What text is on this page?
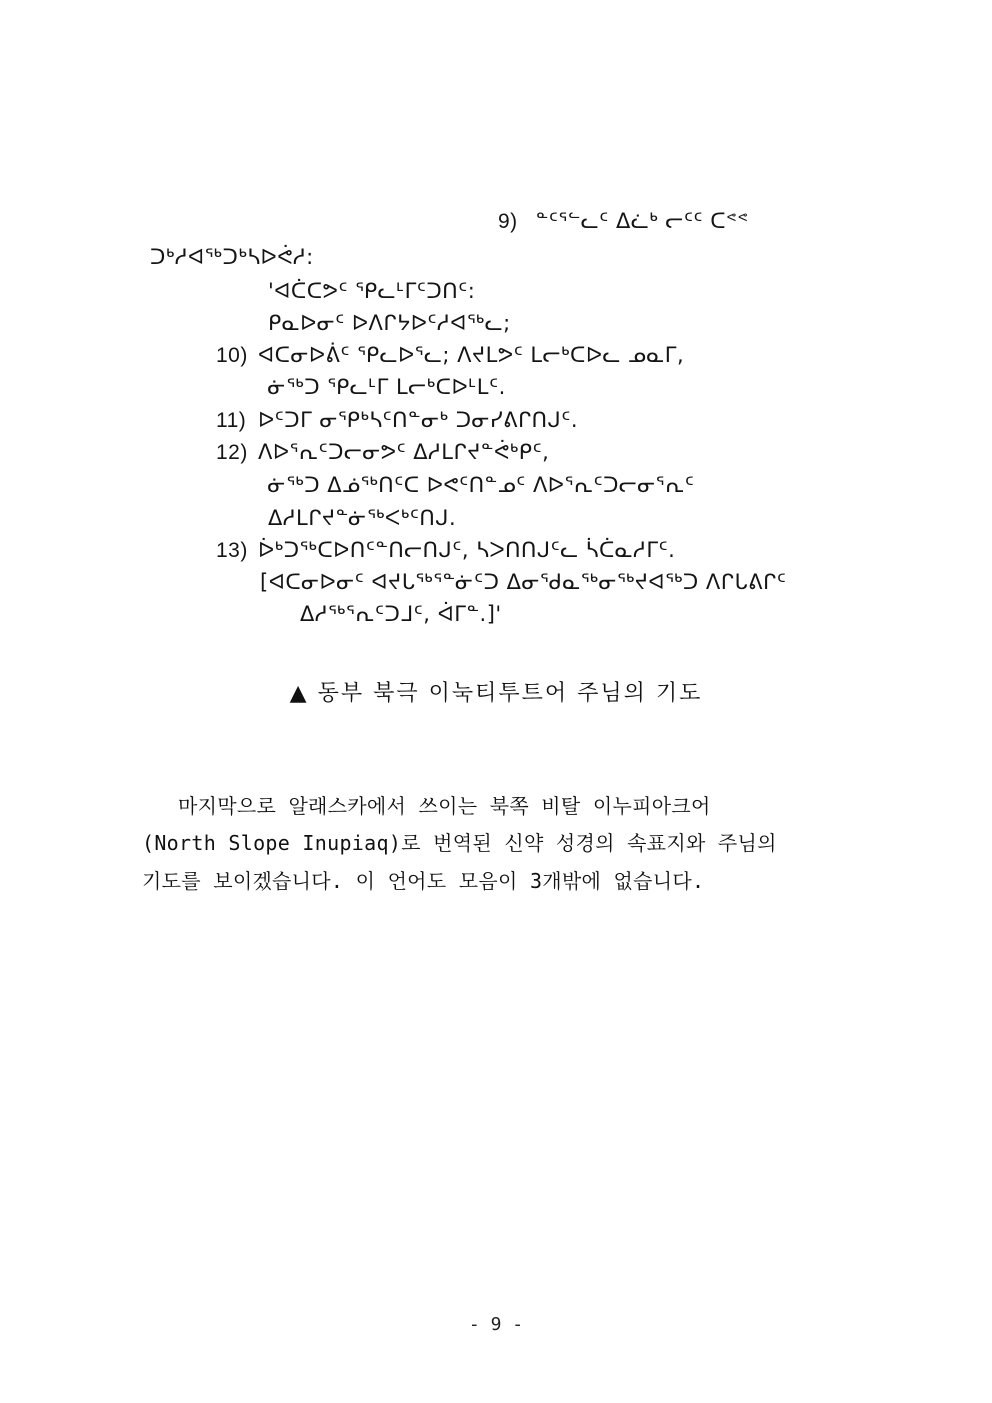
9) ᓐᑦᕐᓪᓚᑦ ᐃᓛᒃ ᓕᑦᑦ ᑕᕝᕝ
ᑐᒃᓱᐊᖅᑐᒃᓴᐅᕚᓱ:
'ᐊᑖᑕᕗᑦ ᕿᓚᒻᒥᑦᑐᑎᑦ:
ᑭᓇᐅᓂᑦ ᐅᐱᒋᔭᐅᑦᓱᐊᖅᓚ;
10) ᐊᑕᓂᐅᕖᑦ ᕿᓚᐅᕐᓚ; ᐱᔪᒪᕗᑦ ᒪᓕᒃᑕᐅᓚ ᓄᓇᒥ,
ᓃᖅᑐ ᕿᓚᒻᒥ ᒪᓕᒃᑕᐅᒻᒪᑦ.
11) ᐅᑦᑐᒥ ᓂᕿᒃᓴᑦᑎᓐᓂᒃ ᑐᓂᓯᕕᒋᑎᒍᑦ.
12) ᐱᐅᕐᕆᑦᑐᓕᓂᕗᑦ ᐃᓱᒪᒋᔪᓐᕚᒃᑭᑦ,
ᓃᖅᑐ ᐃᓅᖅᑎᑦᑕ ᐅᕙᑦᑎᓐᓄᑦ ᐱᐅᕐᕆᑦᑐᓕᓂᕐᕆᑦ
ᐃᓱᒪᒋᔪᓐᓃᖅᐸᒃᑦᑎᒍ.
13) ᐆᒃᑐᖅᑕᐅᑎᑦᓐᑎᓕᑎᒍᑦ, ᓴᐳᑎᑎᒍᑦᓚ ᓵᑖᓇᓱᒥᑦ.
[ᐊᑕᓂᐅᓂᑦ ᐊᔪᒐᖅᕐᓐᓃᑦᑐ ᐃᓂᖁᓇᖅᓂᖅᔪᐊᖅᑐ ᐱᒋᒐᕕᒋᑦ
ᐃᓱᖅᕐᕆᑦᑐᒧᑦ, ᐋᒥᓐ.]'
▲ 동부 북극 이눅티투트어 주님의 기도
마지막으로 알래스카에서 쓰이는 북쪽 비탈 이누피아크어
(North Slope Inupiaq)로 번역된 신약 성경의 속표지와 주님의
기도를 보이겠습니다. 이 언어도 모음이 3개밖에 없습니다.
- 9 -
